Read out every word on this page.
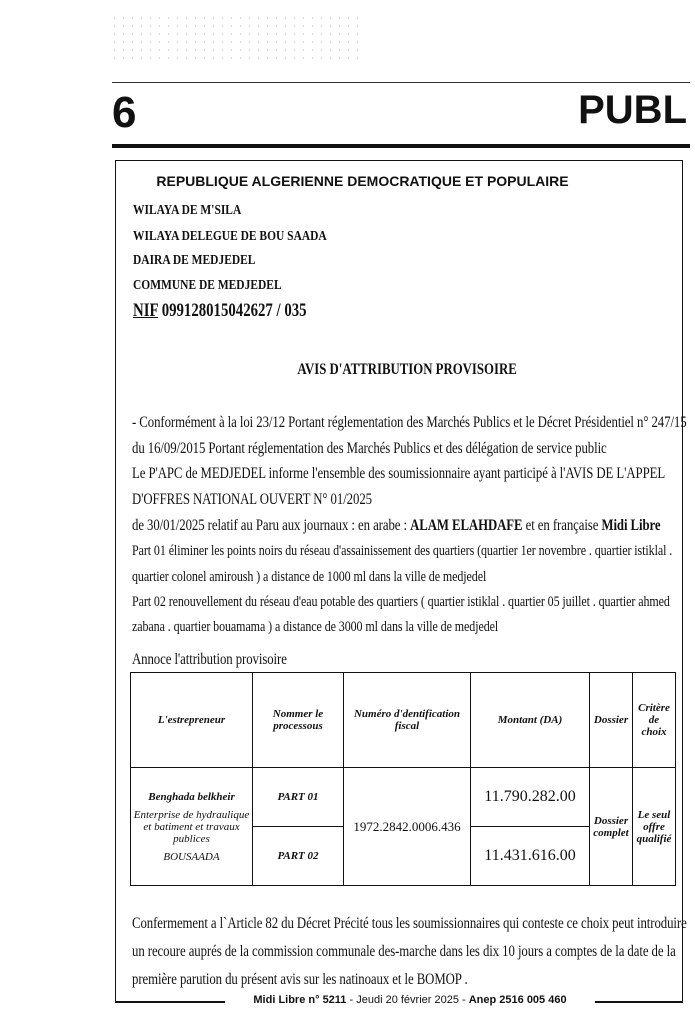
6	PUBL
REPUBLIQUE ALGERIENNE DEMOCRATIQUE ET POPULAIRE
WILAYA DE M'SILA
WILAYA DELEGUE DE BOU SAADA
DAIRA DE MEDJEDEL
COMMUNE DE MEDJEDEL
NIF 099128015042627 / 035
AVIS D'ATTRIBUTION PROVISOIRE
- Conformément à la loi 23/12 Portant réglementation des Marchés Publics et le Décret Présidentiel n° 247/15
du 16/09/2015 Portant réglementation des Marchés Publics et des délégation de service public
Le P'APC de MEDJEDEL informe l'ensemble des soumissionnaire ayant participé à l'AVIS DE L'APPEL
D'OFFRES NATIONAL OUVERT N° 01/2025
de 30/01/2025 relatif au Paru aux journaux : en arabe : ALAM ELAHDAFE et en française Midi Libre
Part 01 éliminer les points noirs du réseau d'assainissement des quartiers (quartier 1er novembre . quartier istiklal .
quartier colonel amiroush ) a distance de 1000 ml dans la ville de medjedel
Part 02 renouvellement du réseau d'eau potable des quartiers ( quartier istiklal . quartier 05 juillet . quartier ahmed
zabana . quartier bouamama ) a distance de 3000 ml dans la ville de medjedel
Annoce l'attribution provisoire
L'estrepreneur	Nommer le processous	Numéro d'dentification fiscal	Montant (DA)	Dossier	Critère de choix

Benghada belkheir

Enterprise de hydraulique et batiment et travaux publices

BOUSAADA	PART 01	1972.2842.0006.436	11.790.282.00	Dossier complet	Le seul offre qualifié
	PART 02		11.431.616.00		
Confermement a l`Article 82 du Décret Précité tous les soumissionnaires qui conteste ce choix peut introduire
un recoure auprés de la commission communale des-marche dans les dix 10 jours a comptes de la date de la
première parution du présent avis sur les natinoaux et le BOMOP .
Midi Libre n° 5211 - Jeudi 20 février 2025 - Anep 2516 005 460
